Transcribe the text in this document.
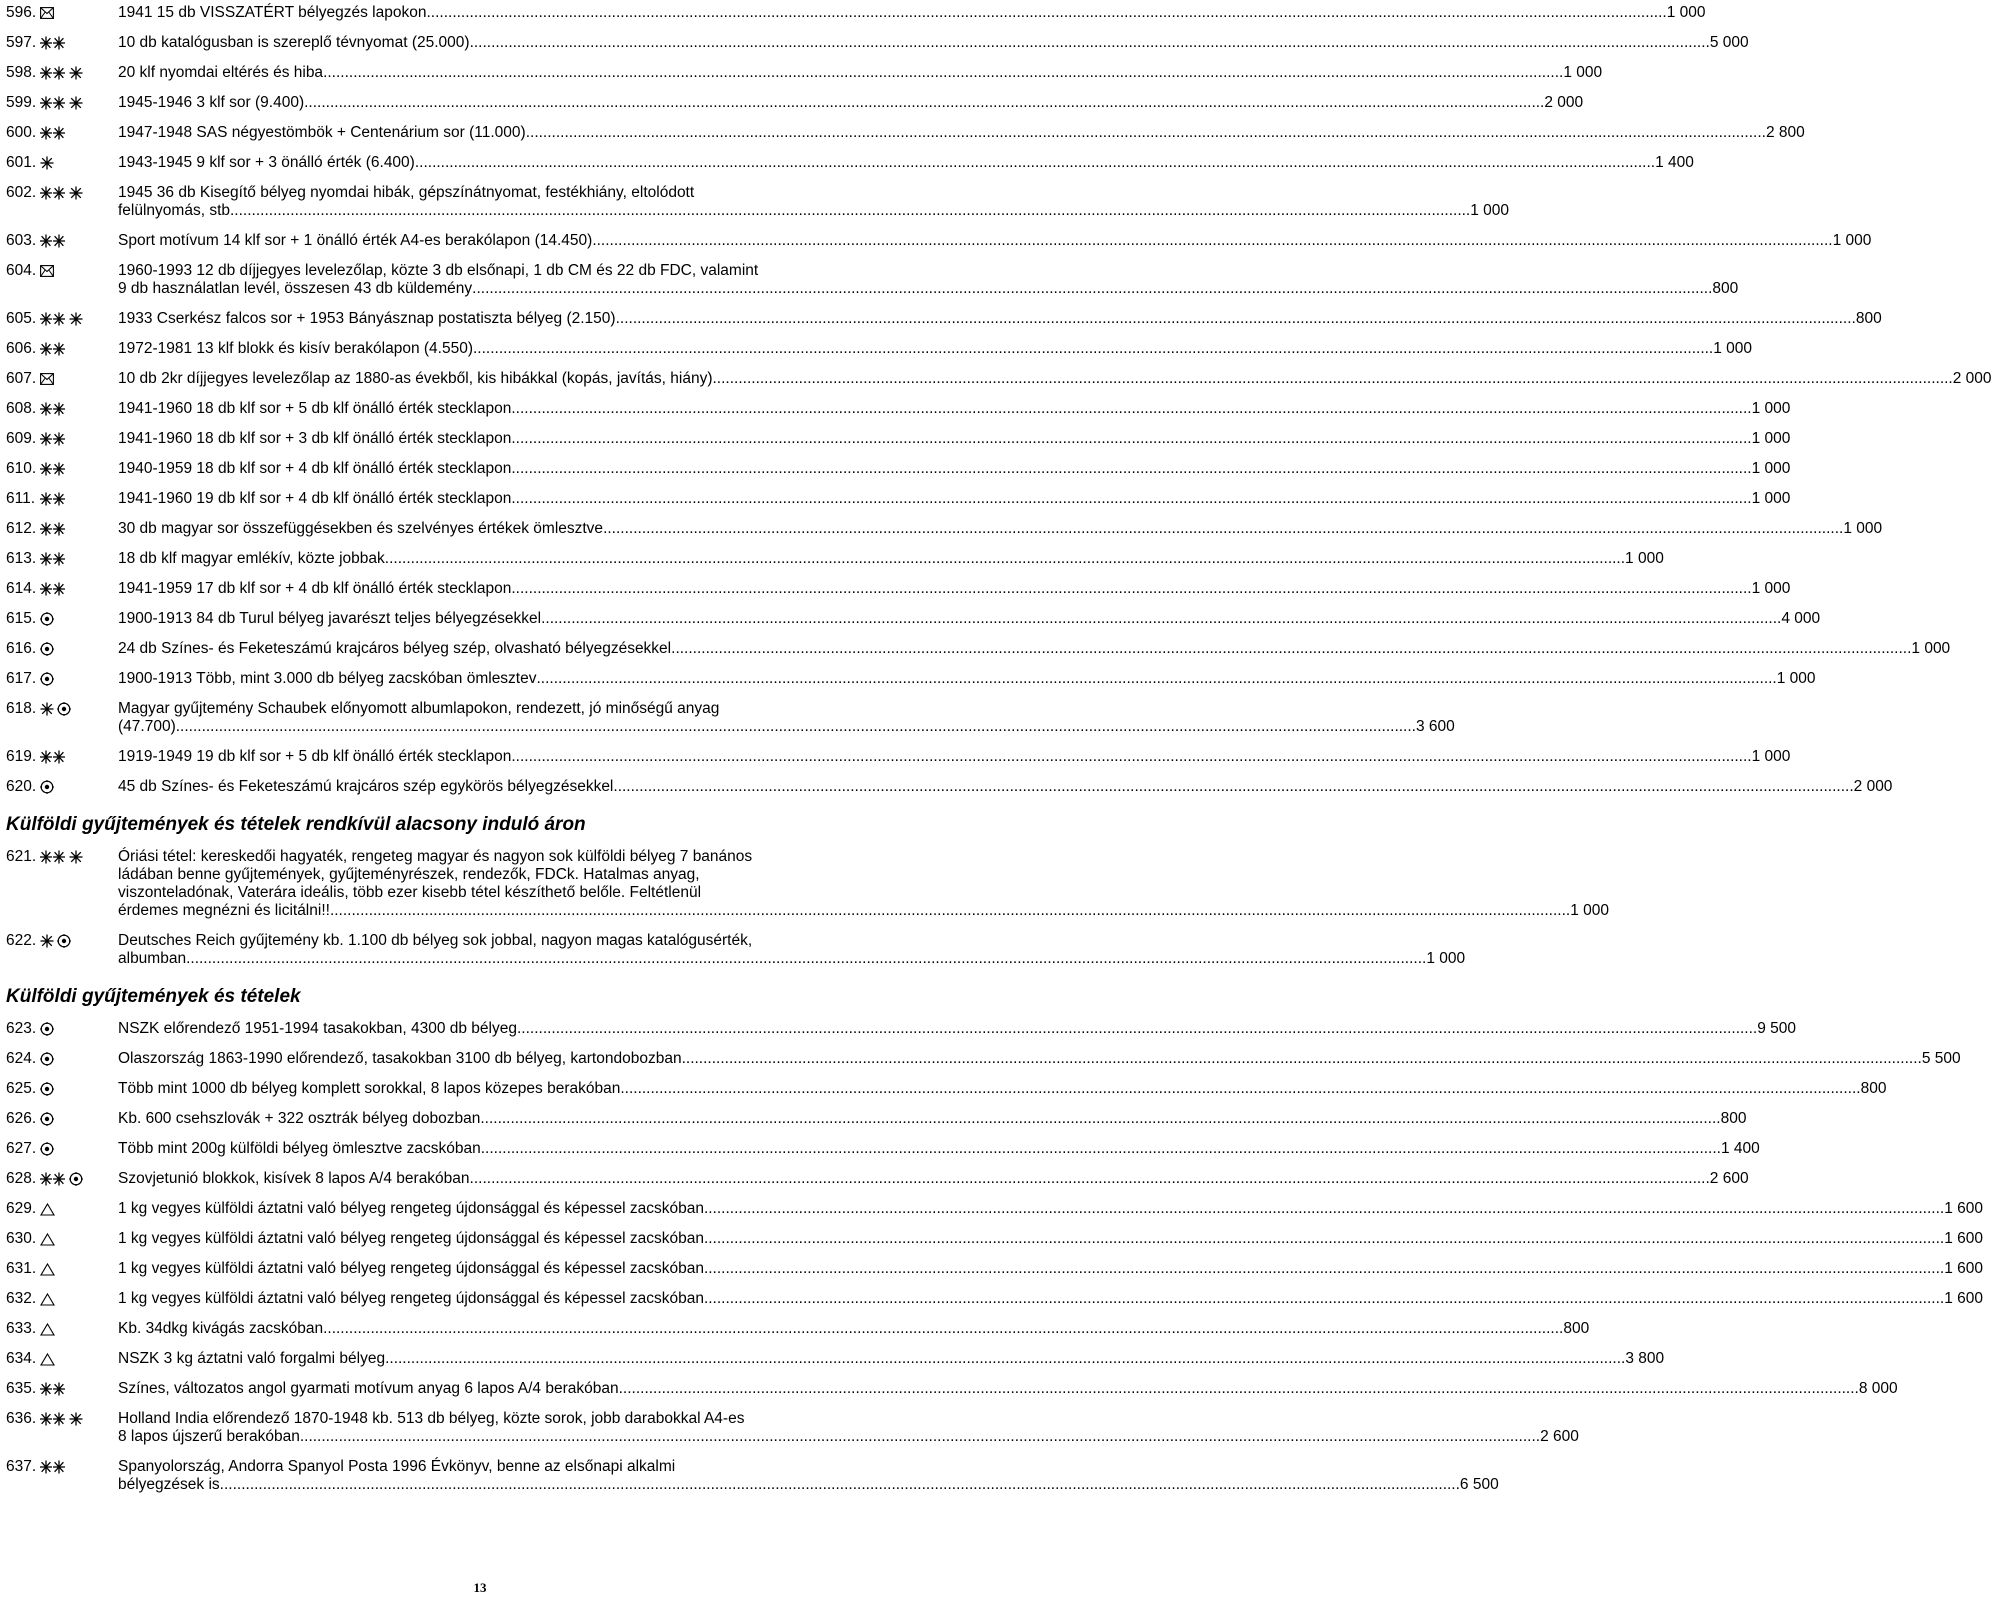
596.	1941 15 db VISSZATÉRT bélyegzés lapokon .....	1 000
597.	10 db katalógusban is szereplő tévnyomat (25.000) .....	5 000
598.	20 klf nyomdai eltérés és hiba .....	1 000
599.	1945-1946 3 klf sor (9.400) .....	2 000
600.	1947-1948 SAS négyestömbök + Centenárium sor (11.000) .....	2 800
601.	1943-1945 9 klf sor + 3 önálló érték (6.400) .....	1 400
602.	1945 36 db Kisegítő bélyeg nyomdai hibák, gépszínátnyomat, festékhiány, eltolódott
felülnyomás, stb .....	1 000
603.	Sport motívum 14 klf sor + 1 önálló érték A4-es berakólapon (14.450) .....	1 000
604.	1960-1993 12 db díjjegyes levelezőlap, közte 3 db elsőnapi, 1 db CM és 22 db FDC, valamint
9 db használatlan levél, összesen 43 db küldemény .....	800
605.	1933 Cserkész falcos sor + 1953 Bányásznap postatiszta bélyeg (2.150) .....	800
606.	1972-1981 13 klf blokk és kisív berakólapon (4.550) .....	1 000
607.	10 db 2kr díjjegyes levelezőlap az 1880-as évekből, kis hibákkal (kopás, javítás, hiány) .....	2 000
608.	1941-1960 18 db klf sor + 5 db klf önálló érték stecklapon .....	1 000
609.	1941-1960 18 db klf sor + 3 db klf önálló érték stecklapon .....	1 000
610.	1940-1959 18 db klf sor + 4 db klf önálló érték stecklapon .....	1 000
611.	1941-1960 19 db klf sor + 4 db klf önálló érték stecklapon .....	1 000
612.	30 db magyar sor összefüggésekben és szelvényes értékek ömlesztve .....	1 000
613.	18 db klf magyar emlékív, közte jobbak .....	1 000
614.	1941-1959 17 db klf sor + 4 db klf önálló érték stecklapon .....	1 000
615.	1900-1913 84 db Turul bélyeg javarészt teljes bélyegzésekkel .....	4 000
616.	24 db Színes- és Feketeszámú krajcáros bélyeg szép, olvasható bélyegzésekkel .....	1 000
617.	1900-1913 Több, mint 3.000 db bélyeg zacskóban ömlesztev .....	1 000
618.	Magyar gyűjtemény Schaubek előnyomott albumlapokon, rendezett, jó minőségű anyag
(47.700) .....	3 600
619.	1919-1949 19 db klf sor + 5 db klf önálló érték stecklapon .....	1 000
620.	45 db Színes- és Feketeszámú krajcáros szép egykörös bélyegzésekkel .....	2 000
Külföldi gyűjtemények és tételek rendkívül alacsony induló áron
621.	Óriási tétel: kereskedői hagyaték, rengeteg magyar és nagyon sok külföldi bélyeg 7 banános
ládában benne gyűjtemények, gyűjteményrészek, rendezők, FDCk. Hatalmas anyag,
viszonteladónak, Vaterára ideális, több ezer kisebb tétel készíthető belőle. Feltétlenül
érdemes megnézni és licitálni!! .....	1 000
622.	Deutsches Reich gyűjtemény kb. 1.100 db bélyeg sok jobbal, nagyon magas katalógusérték,
albumban .....	1 000
Külföldi gyűjtemények és tételek
623.	NSZK előrendező 1951-1994 tasakokban, 4300 db bélyeg .....	9 500
624.	Olaszország 1863-1990 előrendező, tasakokban 3100 db bélyeg, kartondobozban .....	5 500
625.	Több mint 1000 db bélyeg komplett sorokkal, 8 lapos közepes berakóban .....	800
626.	Kb. 600 csehszlovák + 322 osztrák bélyeg dobozban .....	800
627.	Több mint 200g külföldi bélyeg ömlesztve zacskóban .....	1 400
628.	Szovjetunió blokkok, kisívek 8 lapos A/4 berakóban .....	2 600
629.	1 kg vegyes külföldi áztatni való bélyeg rengeteg újdonsággal és képessel zacskóban .....	1 600
630.	1 kg vegyes külföldi áztatni való bélyeg rengeteg újdonsággal és képessel zacskóban .....	1 600
631.	1 kg vegyes külföldi áztatni való bélyeg rengeteg újdonsággal és képessel zacskóban .....	1 600
632.	1 kg vegyes külföldi áztatni való bélyeg rengeteg újdonsággal és képessel zacskóban .....	1 600
633.	Kb. 34dkg kivágás zacskóban .....	800
634.	NSZK 3 kg áztatni való forgalmi bélyeg .....	3 800
635.	Színes, változatos angol gyarmati motívum anyag 6 lapos A/4 berakóban .....	8 000
636.	Holland India előrendező 1870-1948 kb. 513 db bélyeg, közte sorok, jobb darabokkal A4-es
8 lapos újszerű berakóban .....	2 600
637.	Spanyolország, Andorra Spanyol Posta 1996 Évkönyv, benne az elsőnapi alkalmi
bélyegzések is .....	6 500
13
